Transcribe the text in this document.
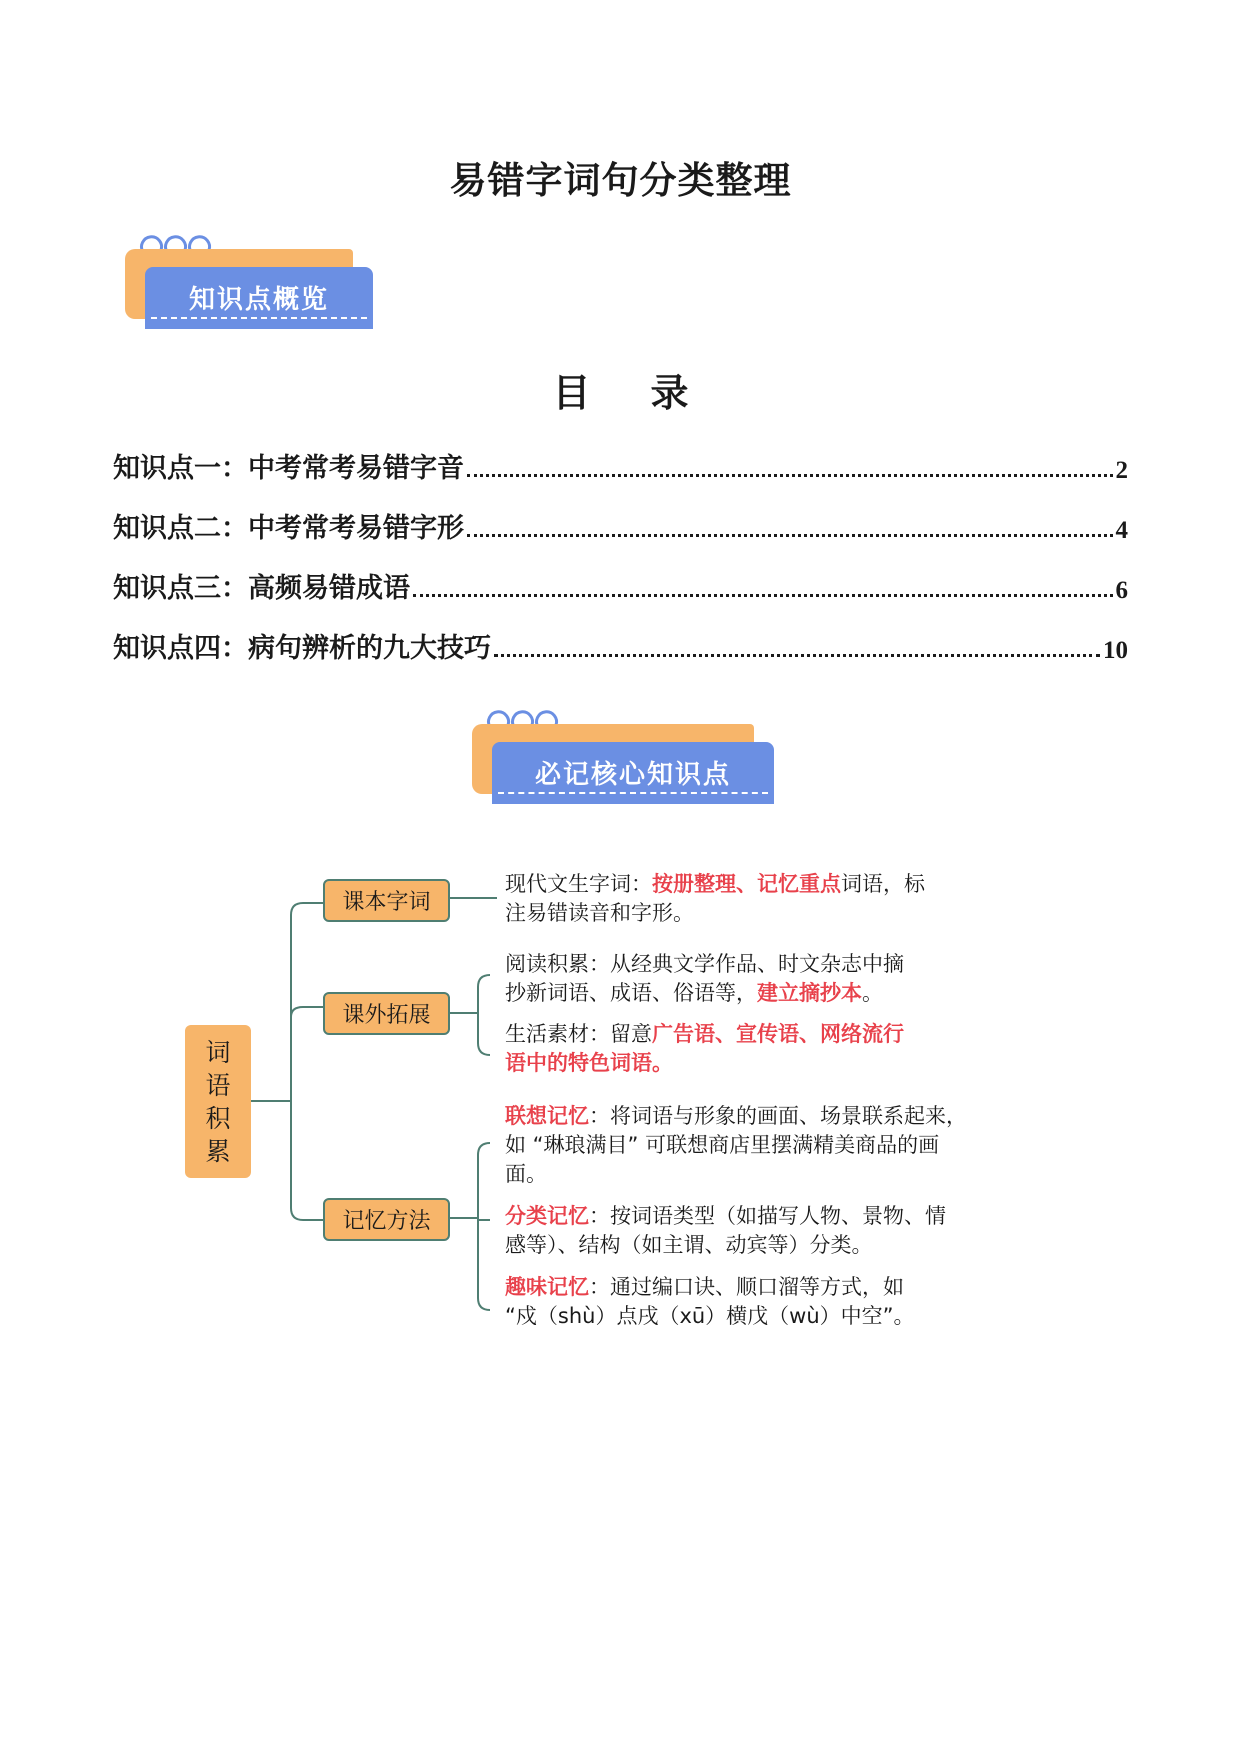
易错字词句分类整理
知识点概览
目 录
知识点一：中考常考易错字音	2
知识点二：中考常考易错字形	4
知识点三：高频易错成语	6
知识点四：病句辨析的九大技巧	10
必记核心知识点
词
语
积
累
课本字词
课外拓展
记忆方法
现代文生字词：按册整理、记忆重点词语，标
注易错读音和字形。
阅读积累：从经典文学作品、时文杂志中摘
抄新词语、成语、俗语等，建立摘抄本。
生活素材：留意广告语、宣传语、网络流行
语中的特色词语。
联想记忆：将词语与形象的画面、场景联系起来，
如 “琳琅满目” 可联想商店里摆满精美商品的画
面。
分类记忆：按词语类型（如描写人物、景物、情
感等）、结构（如主谓、动宾等）分类。
趣味记忆：通过编口诀、顺口溜等方式，如
“戍（shù）点戌（xū）横戊（wù）中空”。
